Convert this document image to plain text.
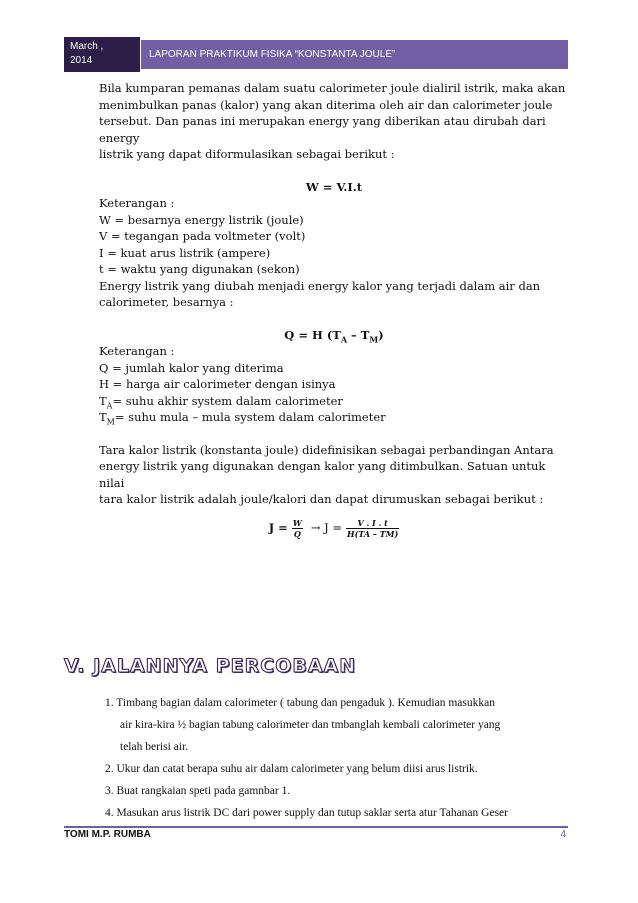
March ,
2014
LAPORAN PRAKTIKUM FISIKA “KONSTANTA JOULE”

Bila kumparan pemanas dalam suatu calorimeter joule dialiril istrik, maka akan

menimbulkan panas (kalor) yang akan diterima oleh air dan calorimeter joule

tersebut. Dan panas ini merupakan energy yang diberikan atau dirubah dari energy

listrik yang dapat diformulasikan sebagai berikut :

W = V.I.t

Keterangan :

W = besarnya energy listrik (joule)

V = tegangan pada voltmeter (volt)

I = kuat arus listrik (ampere)

t = waktu yang digunakan (sekon)

Energy listrik yang diubah menjadi energy kalor yang terjadi dalam air dan

calorimeter, besarnya :

Q = H $(T_A - T_M)$

Keterangan :

Q = jumlah kalor yang diterima

H = harga air calorimeter dengan isinya

$T_A=$ suhu akhir system dalam calorimeter

$T_M=$ suhu mula – mula system dalam calorimeter

Tara kalor listrik (konstanta joule) didefinisikan sebagai perbandingan Antara

energy listrik yang digunakan dengan kalor yang ditimbulkan. Satuan untuk nilai

tara kalor listrik adalah joule/kalori dan dapat dirumuskan sebagai berikut :

$J = \frac{W}{Q} \to J = \frac{V . I . t}{H(TA - TM)}$

V. JALANNYA PERCOBAAN

1. Timbang bagian dalam calorimeter ( tabung dan pengaduk ). Kemudian masukkan

air kira-kira ½ bagian tabung calorimeter dan tmbanglah kembali calorimeter yang

telah berisi air.

2. Ukur dan catat berapa suhu air dalam calorimeter yang belum diisi arus listrik.

3. Buat rangkaian speti pada gamnbar 1.

4. Masukan arus listrik DC dari power supply dan tutup saklar serta atur Tahanan Geser

TOMI M.P. RUMBA	4
